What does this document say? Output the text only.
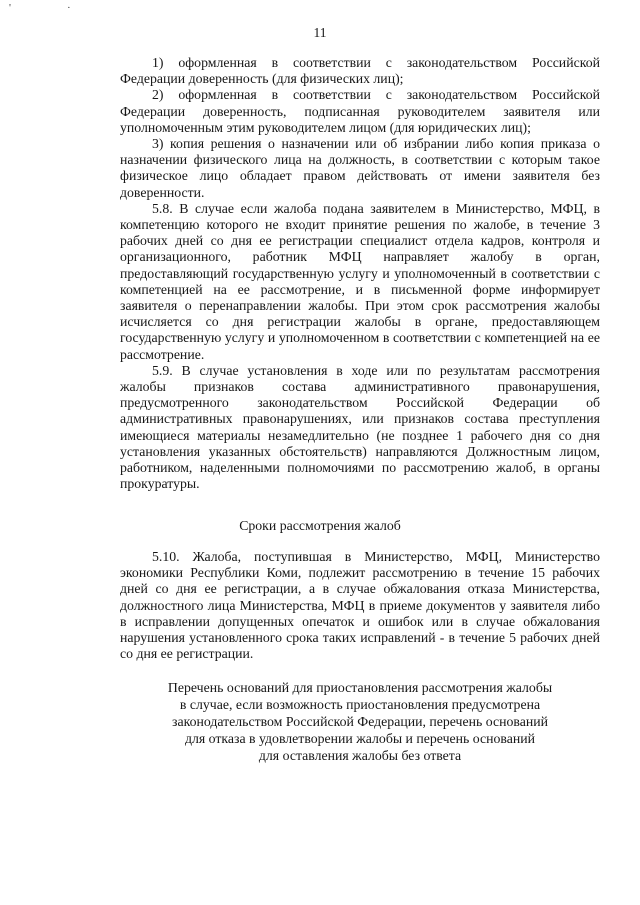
'	·
11

1) оформленная в соответствии с законодательством Российской Федерации доверенность (для физических лиц);

2) оформленная в соответствии с законодательством Российской Федерации доверенность, подписанная руководителем заявителя или уполномоченным этим руководителем лицом (для юридических лиц);

3) копия решения о назначении или об избрании либо копия приказа о назначении физического лица на должность, в соответствии с которым такое физическое лицо обладает правом действовать от имени заявителя без доверенности.

5.8. В случае если жалоба подана заявителем в Министерство, МФЦ, в компетенцию которого не входит принятие решения по жалобе, в течение 3 рабочих дней со дня ее регистрации специалист отдела кадров, контроля и организационного, работник МФЦ направляет жалобу в орган, предоставляющий государственную услугу и уполномоченный в соответствии с компетенцией на ее рассмотрение, и в письменной форме информирует заявителя о перенаправлении жалобы. При этом срок рассмотрения жалобы исчисляется со дня регистрации жалобы в органе, предоставляющем государственную услугу и уполномоченном в соответствии с компетенцией на ее рассмотрение.

5.9. В случае установления в ходе или по результатам рассмотрения жалобы признаков состава административного правонарушения, предусмотренного законодательством Российской Федерации об административных правонарушениях, или признаков состава преступления имеющиеся материалы незамедлительно (не позднее 1 рабочего дня со дня установления указанных обстоятельств) направляются Должностным лицом, работником, наделенными полномочиями по рассмотрению жалоб, в органы прокуратуры.

Сроки рассмотрения жалоб

5.10. Жалоба, поступившая в Министерство, МФЦ, Министерство экономики Республики Коми, подлежит рассмотрению в течение 15 рабочих дней со дня ее регистрации, а в случае обжалования отказа Министерства, должностного лица Министерства, МФЦ в приеме документов у заявителя либо в исправлении допущенных опечаток и ошибок или в случае обжалования нарушения установленного срока таких исправлений - в течение 5 рабочих дней со дня ее регистрации.

Перечень оснований для приостановления рассмотрения жалобы
в случае, если возможность приостановления предусмотрена
законодательством Российской Федерации, перечень оснований
для отказа в удовлетворении жалобы и перечень оснований
для оставления жалобы без ответа
